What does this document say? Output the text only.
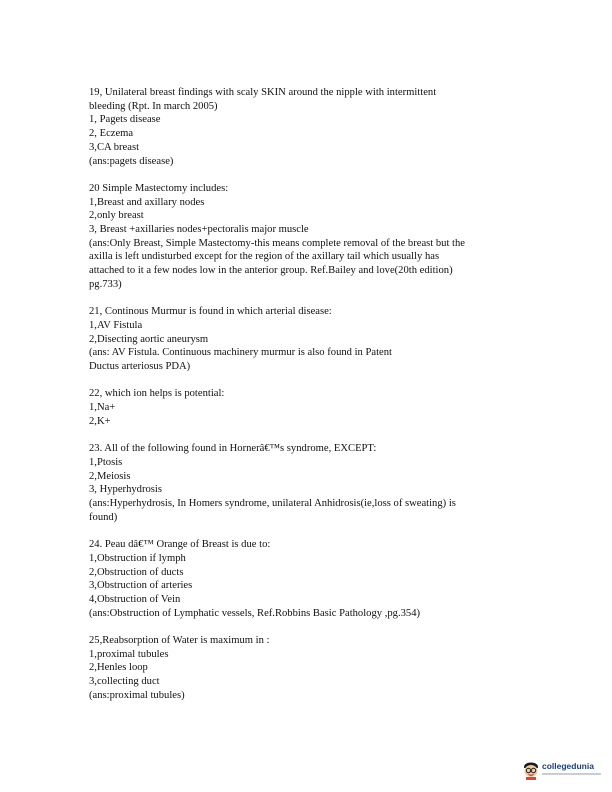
19, Unilateral breast findings with scaly SKIN around the nipple with intermittent
bleeding (Rpt. In march 2005)
1, Pagets disease
2, Eczema
3,CA breast
(ans:pagets disease)
20 Simple Mastectomy includes:
1,Breast and axillary nodes
2,only breast
3, Breast +axillaries nodes+pectoralis major muscle
(ans:Only Breast, Simple Mastectomy-this means complete removal of the breast but the
axilla is left undisturbed except for the region of the axillary tail which usually has
attached to it a few nodes low in the anterior group. Ref.Bailey and love(20th edition)
pg.733)
21, Continous Murmur is found in which arterial disease:
1,AV Fistula
2,Disecting aortic aneurysm
(ans: AV Fistula. Continuous machinery murmur is also found in Patent
Ductus arteriosus PDA)
22, which ion helps is potential:
1,Na+
2,K+
23. All of the following found in Hornerâ€™s syndrome, EXCEPT:
1,Ptosis
2,Meiosis
3, Hyperhydrosis
(ans:Hyperhydrosis, In Homers syndrome, unilateral Anhidrosis(ie,loss of sweating) is
found)
24. Peau dâ€™ Orange of Breast is due to:
1,Obstruction if lymph
2,Obstruction of ducts
3,Obstruction of arteries
4,Obstruction of Vein
(ans:Obstruction of Lymphatic vessels, Ref.Robbins Basic Pathology ,pg.354)
25,Reabsorption of Water is maximum in :
1,proximal tubules
2,Henles loop
3,collecting duct
(ans:proximal tubules)
collegedunia
